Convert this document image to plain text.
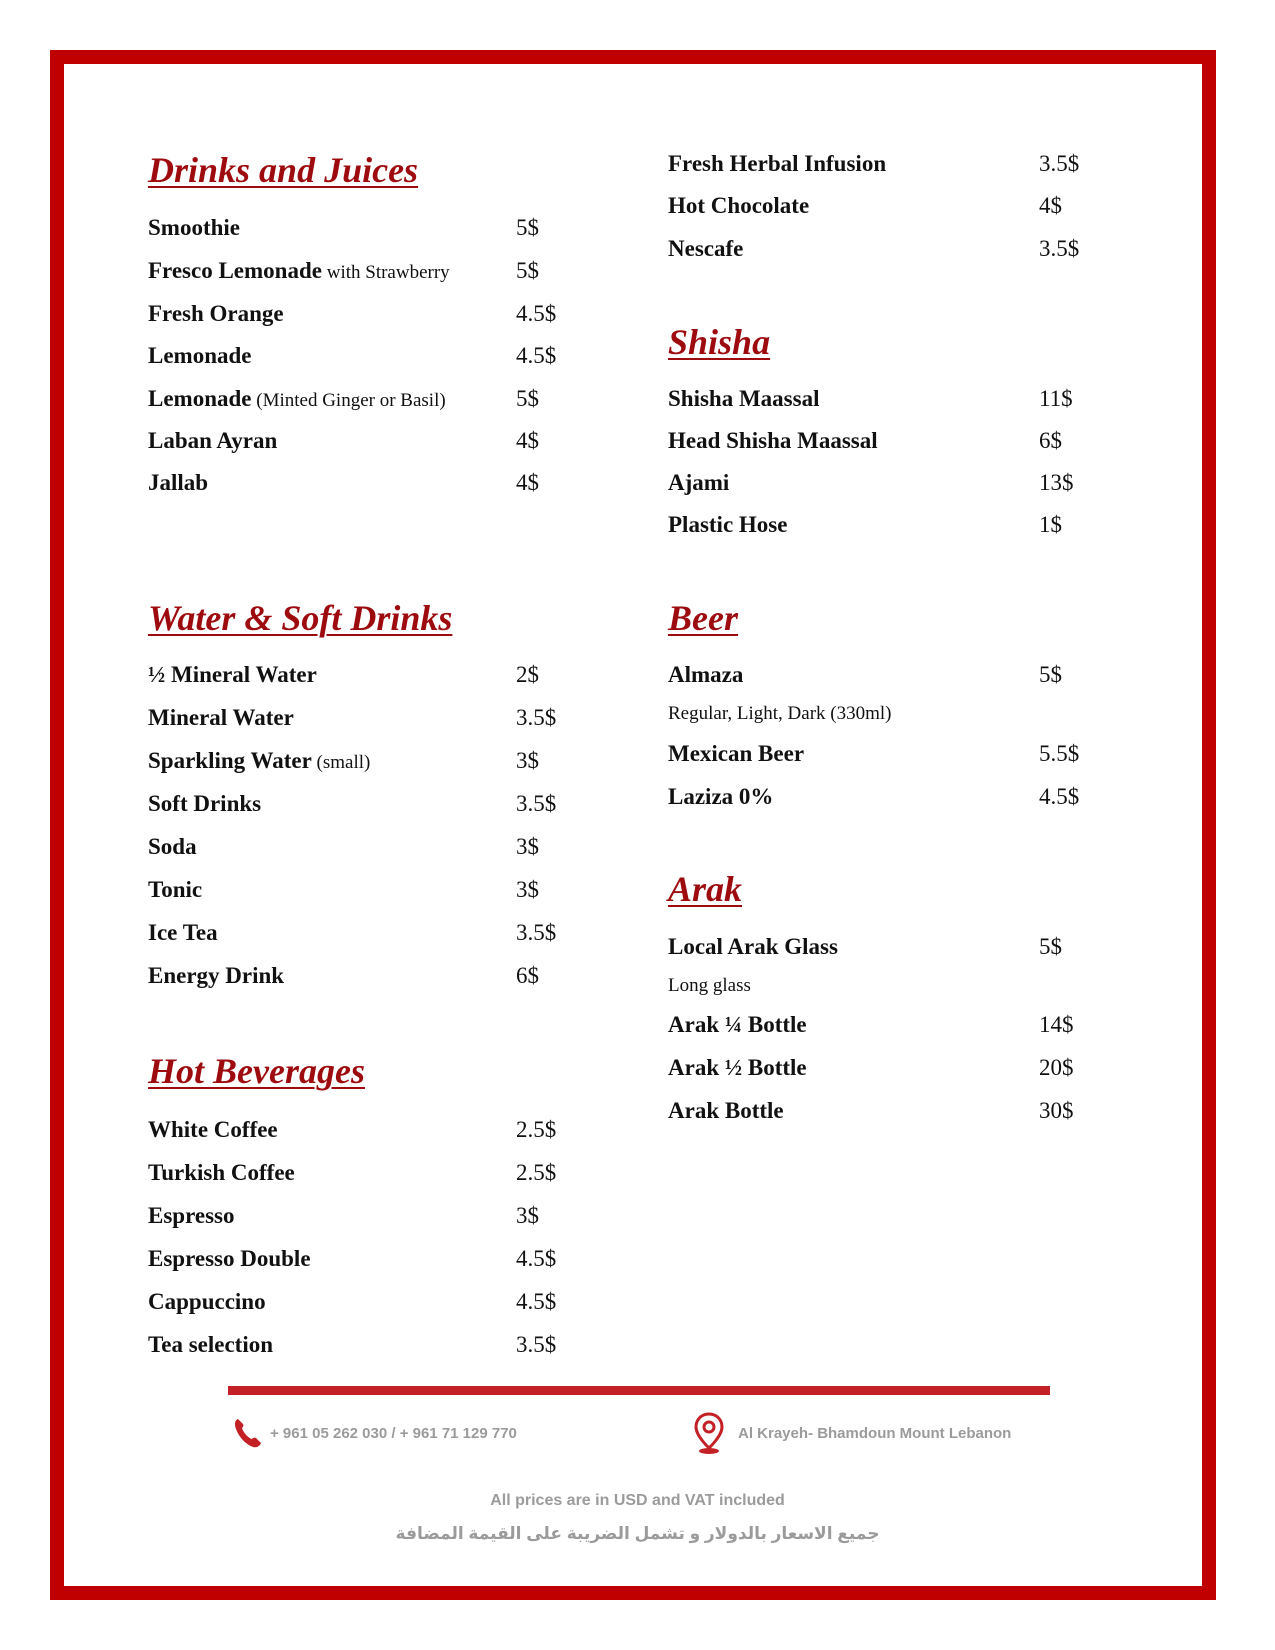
Drinks and Juices
Smoothie	5$
Fresco Lemonade with Strawberry	5$
Fresh Orange	4.5$
Lemonade	4.5$
Lemonade (Minted Ginger or Basil)	5$
Laban Ayran	4$
Jallab	4$
Water & Soft Drinks
½ Mineral Water	2$
Mineral Water	3.5$
Sparkling Water (small)	3$
Soft Drinks	3.5$
Soda	3$
Tonic	3$
Ice Tea	3.5$
Energy Drink	6$
Hot Beverages
White Coffee	2.5$
Turkish Coffee	2.5$
Espresso	3$
Espresso Double	4.5$
Cappuccino	4.5$
Tea selection	3.5$
Fresh Herbal Infusion	3.5$
Hot Chocolate	4$
Nescafe	3.5$
Shisha
Shisha Maassal	11$
Head Shisha Maassal	6$
Ajami	13$
Plastic Hose	1$
Beer
Almaza	5$
Regular, Light, Dark (330ml)
Mexican Beer	5.5$
Laziza 0%	4.5$
Arak
Local Arak Glass	5$
Long glass
Arak ¼ Bottle	14$
Arak ½ Bottle	20$
Arak Bottle	30$
+ 961 05 262 030 / + 961 71 129 770	Al Krayeh- Bhamdoun Mount Lebanon
All prices are in USD and VAT included
جميع الاسعار بالدولار و تشمل الضريبة على القيمة المضافة
